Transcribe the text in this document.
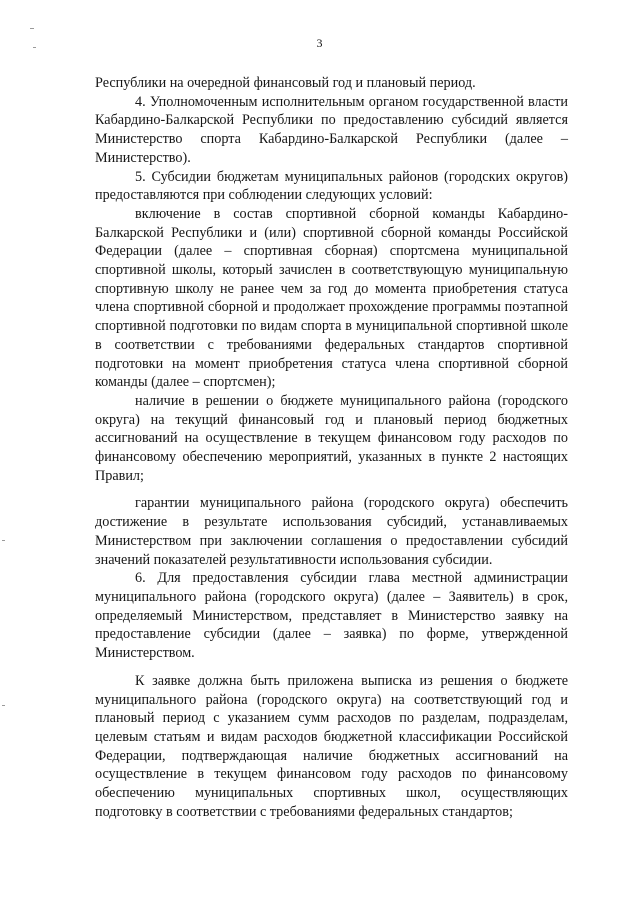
3

Республики на очередной финансовый год и плановый период.

4. Уполномоченным исполнительным органом государственной власти Кабардино-Балкарской Республики по предоставлению субсидий является Министерство спорта Кабардино-Балкарской Республики (далее – Министерство).

5. Субсидии бюджетам муниципальных районов (городских округов) предоставляются при соблюдении следующих условий:

включение в состав спортивной сборной команды Кабардино-Балкарской Республики и (или) спортивной сборной команды Российской Федерации (далее – спортивная сборная) спортсмена муниципальной спортивной школы, который зачислен в соответствующую муниципальную спортивную школу не ранее чем за год до момента приобретения статуса члена спортивной сборной и продолжает прохождение программы поэтапной спортивной подготовки по видам спорта в муниципальной спортивной школе в соответствии с требованиями федеральных стандартов спортивной подготовки на момент приобретения статуса члена спортивной сборной команды (далее – спортсмен);

наличие в решении о бюджете муниципального района (городского округа) на текущий финансовый год и плановый период бюджетных ассигнований на осуществление в текущем финансовом году расходов по финансовому обеспечению мероприятий, указанных в пункте 2 настоящих Правил;

гарантии муниципального района (городского округа) обеспечить достижение в результате использования субсидий, устанавливаемых Министерством при заключении соглашения о предоставлении субсидий значений показателей результативности использования субсидии.

6. Для предоставления субсидии глава местной администрации муниципального района (городского округа) (далее – Заявитель) в срок, определяемый Министерством, представляет в Министерство заявку на предоставление субсидии (далее – заявка) по форме, утвержденной Министерством.

К заявке должна быть приложена выписка из решения о бюджете муниципального района (городского округа) на соответствующий год и плановый период с указанием сумм расходов по разделам, подразделам, целевым статьям и видам расходов бюджетной классификации Российской Федерации, подтверждающая наличие бюджетных ассигнований на осуществление в текущем финансовом году расходов по финансовому обеспечению муниципальных спортивных школ, осуществляющих подготовку в соответствии с требованиями федеральных стандартов;
